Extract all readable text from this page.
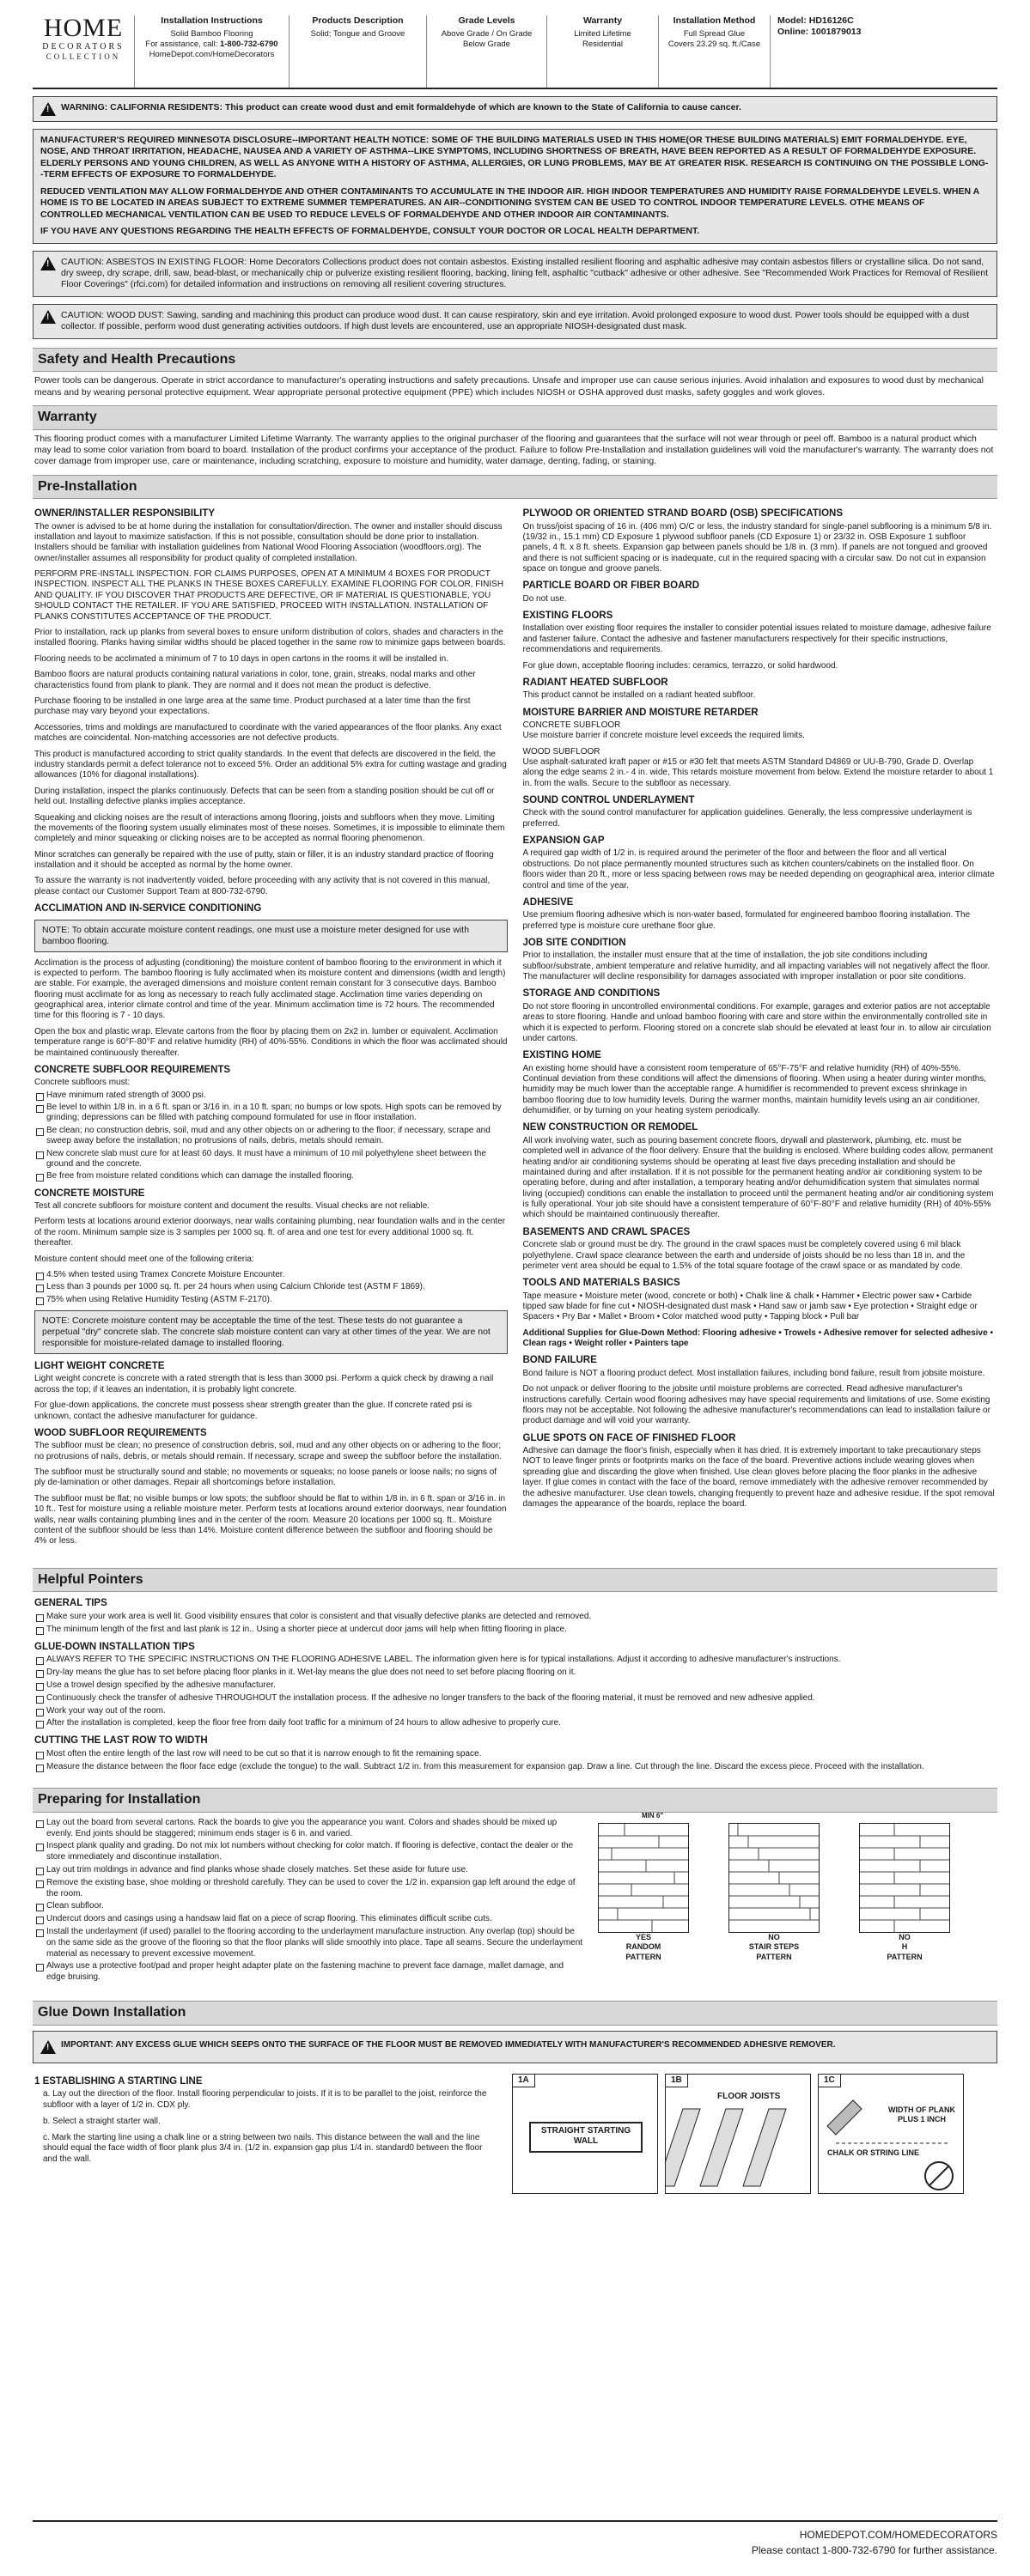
HOME
DECORATORS
COLLECTION
Installation Instructions
Solid Bamboo Flooring
For assistance, call: 1-800-732-6790
HomeDepot.com/HomeDecorators
Products Description
Solid; Tongue and Groove
Grade Levels
Above Grade / On Grade
Below Grade
Warranty
Limited Lifetime
Residential
Installation Method
Full Spread Glue
Covers 23.29 sq. ft./Case
Model: HD16126C
Online: 1001879013
!
WARNING: CALIFORNIA RESIDENTS: This product can create wood dust and emit formaldehyde of which are known to the State of California to cause cancer.

MANUFACTURER'S REQUIRED MINNESOTA DISCLOSURE--IMPORTANT HEALTH NOTICE: SOME OF THE BUILDING MATERIALS USED IN THIS HOME(OR THESE BUILDING MATERIALS) EMIT FORMALDEHYDE. EYE, NOSE, AND THROAT IRRITATION, HEADACHE, NAUSEA AND A VARIETY OF ASTHMA--LIKE SYMPTOMS, INCLUDING SHORTNESS OF BREATH, HAVE BEEN REPORTED AS A RESULT OF FORMALDEHYDE EXPOSURE. ELDERLY PERSONS AND YOUNG CHILDREN, AS WELL AS ANYONE WITH A HISTORY OF ASTHMA, ALLERGIES, OR LUNG PROBLEMS, MAY BE AT GREATER RISK. RESEARCH IS CONTINUING ON THE POSSIBLE LONG--TERM EFFECTS OF EXPOSURE TO FORMALDEHYDE.

REDUCED VENTILATION MAY ALLOW FORMALDEHYDE AND OTHER CONTAMINANTS TO ACCUMULATE IN THE INDOOR AIR. HIGH INDOOR TEMPERATURES AND HUMIDITY RAISE FORMALDEHYDE LEVELS. WHEN A HOME IS TO BE LOCATED IN AREAS SUBJECT TO EXTREME SUMMER TEMPERATURES. AN AIR--CONDITIONING SYSTEM CAN BE USED TO CONTROL INDOOR TEMPERATURE LEVELS. OTHE MEANS OF CONTROLLED MECHANICAL VENTILATION CAN BE USED TO REDUCE LEVELS OF FORMALDEHYDE AND OTHER INDOOR AIR CONTAMINANTS.

IF YOU HAVE ANY QUESTIONS REGARDING THE HEALTH EFFECTS OF FORMALDEHYDE, CONSULT YOUR DOCTOR OR LOCAL HEALTH DEPARTMENT.

!
CAUTION: ASBESTOS IN EXISTING FLOOR: Home Decorators Collections product does not contain asbestos. Existing installed resilient flooring and asphaltic adhesive may contain asbestos fillers or crystalline silica. Do not sand, dry sweep, dry scrape, drill, saw, bead-blast, or mechanically chip or pulverize existing resilient flooring, backing, lining felt, asphaltic "cutback" adhesive or other adhesive. See "Recommended Work Practices for Removal of Resilient Floor Coverings" (rfci.com) for detailed information and instructions on removing all resilient covering structures.
!
CAUTION: WOOD DUST: Sawing, sanding and machining this product can produce wood dust. It can cause respiratory, skin and eye irritation. Avoid prolonged exposure to wood dust. Power tools should be equipped with a dust collector. If possible, perform wood dust generating activities outdoors. If high dust levels are encountered, use an appropriate NIOSH-designated dust mask.
Safety and Health Precautions
Power tools can be dangerous. Operate in strict accordance to manufacturer's operating instructions and safety precautions. Unsafe and improper use can cause serious injuries. Avoid inhalation and exposures to wood dust by mechanical means and by wearing personal protective equipment. Wear appropriate personal protective equipment (PPE) which includes NIOSH or OSHA approved dust masks, safety goggles and work gloves.
Warranty
This flooring product comes with a manufacturer Limited Lifetime Warranty. The warranty applies to the original purchaser of the flooring and guarantees that the surface will not wear through or peel off. Bamboo is a natural product which may lead to some color variation from board to board. Installation of the product confirms your acceptance of the product. Failure to follow Pre-Installation and installation guidelines will void the manufacturer's warranty. The warranty does not cover damage from improper use, care or maintenance, including scratching, exposure to moisture and humidity, water damage, denting, fading, or staining.
Pre-Installation
OWNER/INSTALLER RESPONSIBILITY

The owner is advised to be at home during the installation for consultation/direction. The owner and installer should discuss installation and layout to maximize satisfaction. If this is not possible, consultation should be done prior to installation. Installers should be familiar with installation guidelines from National Wood Flooring Association (woodfloors.org). The owner/installer assumes all responsibility for product quality of completed installation.

PERFORM PRE-INSTALL INSPECTION. FOR CLAIMS PURPOSES, OPEN AT A MINIMUM 4 BOXES FOR PRODUCT INSPECTION. INSPECT ALL THE PLANKS IN THESE BOXES CAREFULLY. EXAMINE FLOORING FOR COLOR, FINISH AND QUALITY. IF YOU DISCOVER THAT PRODUCTS ARE DEFECTIVE, OR IF MATERIAL IS QUESTIONABLE, YOU SHOULD CONTACT THE RETAILER. IF YOU ARE SATISFIED, PROCEED WITH INSTALLATION. INSTALLATION OF PLANKS CONSTITUTES ACCEPTANCE OF THE PRODUCT.

Prior to installation, rack up planks from several boxes to ensure uniform distribution of colors, shades and characters in the installed flooring. Planks having similar widths should be placed together in the same row to minimize gaps between boards.

Flooring needs to be acclimated a minimum of 7 to 10 days in open cartons in the rooms it will be installed in.

Bamboo floors are natural products containing natural variations in color, tone, grain, streaks, nodal marks and other characteristics found from plank to plank. They are normal and it does not mean the product is defective.

Purchase flooring to be installed in one large area at the same time. Product purchased at a later time than the first purchase may vary beyond your expectations.

Accessories, trims and moldings are manufactured to coordinate with the varied appearances of the floor planks. Any exact matches are coincidental. Non-matching accessories are not defective products.

This product is manufactured according to strict quality standards. In the event that defects are discovered in the field, the industry standards permit a defect tolerance not to exceed 5%. Order an additional 5% extra for cutting wastage and grading allowances (10% for diagonal installations).

During installation, inspect the planks continuously. Defects that can be seen from a standing position should be cut off or held out. Installing defective planks implies acceptance.

Squeaking and clicking noises are the result of interactions among flooring, joists and subfloors when they move. Limiting the movements of the flooring system usually eliminates most of these noises. Sometimes, it is impossible to eliminate them completely and minor squeaking or clicking noises are to be accepted as normal flooring phenomenon.

Minor scratches can generally be repaired with the use of putty, stain or filler, it is an industry standard practice of flooring installation and it should be accepted as normal by the home owner.

To assure the warranty is not inadvertently voided, before proceeding with any activity that is not covered in this manual, please contact our Customer Support Team at 800-732-6790.

ACCLIMATION AND IN-SERVICE CONDITIONING
NOTE: To obtain accurate moisture content readings, one must use a moisture meter designed for use with bamboo flooring.

Acclimation is the process of adjusting (conditioning) the moisture content of bamboo flooring to the environment in which it is expected to perform. The bamboo flooring is fully acclimated when its moisture content and dimensions (width and length) are stable. For example, the averaged dimensions and moisture content remain constant for 3 consecutive days. Bamboo flooring must acclimate for as long as necessary to reach fully acclimated stage. Acclimation time varies depending on geographical area, interior climate control and time of the year. Minimum acclimation time is 72 hours. The recommended time for this flooring is 7 - 10 days.

Open the box and plastic wrap. Elevate cartons from the floor by placing them on 2x2 in. lumber or equivalent. Acclimation temperature range is 60°F-80°F and relative humidity (RH) of 40%-55%. Conditions in which the floor was acclimated should be maintained continuously thereafter.

CONCRETE SUBFLOOR REQUIREMENTS
Concrete subfloors must:
Have minimum rated strength of 3000 psi.
Be level to within 1/8 in. in a 6 ft. span or 3/16 in. in a 10 ft. span; no bumps or low spots. High spots can be removed by grinding; depressions can be filled with patching compound formulated for use in floor installation.
Be clean; no construction debris, soil, mud and any other objects on or adhering to the floor; if necessary, scrape and sweep away before the installation; no protrusions of nails, debris, metals should remain.
New concrete slab must cure for at least 60 days. It must have a minimum of 10 mil polyethylene sheet between the ground and the concrete.
Be free from moisture related conditions which can damage the installed flooring.
CONCRETE MOISTURE

Test all concrete subfloors for moisture content and document the results. Visual checks are not reliable.

Perform tests at locations around exterior doorways, near walls containing plumbing, near foundation walls and in the center of the room. Minimum sample size is 3 samples per 1000 sq. ft. of area and one test for every additional 1000 sq. ft. thereafter.

Moisture content should meet one of the following criteria:

4.5% when tested using Tramex Concrete Moisture Encounter.
Less than 3 pounds per 1000 sq. ft. per 24 hours when using Calcium Chloride test (ASTM F 1869).
75% when using Relative Humidity Testing (ASTM F-2170).
NOTE: Concrete moisture content may be acceptable the time of the test. These tests do not guarantee a perpetual "dry" concrete slab. The concrete slab moisture content can vary at other times of the year. We are not responsible for moisture-related damage to installed flooring.
LIGHT WEIGHT CONCRETE

Light weight concrete is concrete with a rated strength that is less than 3000 psi. Perform a quick check by drawing a nail across the top; if it leaves an indentation, it is probably light concrete.

For glue-down applications, the concrete must possess shear strength greater than the glue. If concrete rated psi is unknown, contact the adhesive manufacturer for guidance.

WOOD SUBFLOOR REQUIREMENTS

The subfloor must be clean; no presence of construction debris, soil, mud and any other objects on or adhering to the floor; no protrusions of nails, debris, or metals should remain. If necessary, scrape and sweep the subfloor before the installation.

The subfloor must be structurally sound and stable; no movements or squeaks; no loose panels or loose nails; no signs of ply de-lamination or other damages. Repair all shortcomings before installation.

The subfloor must be flat; no visible bumps or low spots; the subfloor should be flat to within 1/8 in. in 6 ft. span or 3/16 in. in 10 ft.. Test for moisture using a reliable moisture meter. Perform tests at locations around exterior doorways, near foundation walls, near walls containing plumbing lines and in the center of the room. Measure 20 locations per 1000 sq. ft.. Moisture content of the subfloor should be less than 14%. Moisture content difference between the subfloor and flooring should be 4% or less.

PLYWOOD OR ORIENTED STRAND BOARD (OSB) SPECIFICATIONS

On truss/joist spacing of 16 in. (406 mm) O/C or less, the industry standard for single-panel subflooring is a minimum 5/8 in. (19/32 in., 15.1 mm) CD Exposure 1 plywood subfloor panels (CD Exposure 1) or 23/32 in. OSB Exposure 1 subfloor panels, 4 ft. x 8 ft. sheets. Expansion gap between panels should be 1/8 in. (3 mm). If panels are not tongued and grooved and there is not sufficient spacing or is inadequate, cut in the required spacing with a circular saw. Do not cut in expansion space on tongue and groove panels.

PARTICLE BOARD OR FIBER BOARD

Do not use.

EXISTING FLOORS

Installation over existing floor requires the installer to consider potential issues related to moisture damage, adhesive failure and fastener failure. Contact the adhesive and fastener manufacturers respectively for their specific instructions, recommendations and requirements.

For glue down, acceptable flooring includes: ceramics, terrazzo, or solid hardwood.

RADIANT HEATED SUBFLOOR

This product cannot be installed on a radiant heated subfloor.

MOISTURE BARRIER AND MOISTURE RETARDER
CONCRETE SUBFLOOR

Use moisture barrier if concrete moisture level exceeds the required limits.

WOOD SUBFLOOR

Use asphalt-saturated kraft paper or #15 or #30 felt that meets ASTM Standard D4869 or UU-B-790, Grade D. Overlap along the edge seams 2 in.- 4 in. wide, This retards moisture movement from below. Extend the moisture retarder to about 1 in. from the walls. Secure to the subfloor as necessary.

SOUND CONTROL UNDERLAYMENT

Check with the sound control manufacturer for application guidelines. Generally, the less compressive underlayment is preferred.

EXPANSION GAP

A required gap width of 1/2 in. is required around the perimeter of the floor and between the floor and all vertical obstructions. Do not place permanently mounted structures such as kitchen counters/cabinets on the installed floor. On floors wider than 20 ft., more or less spacing between rows may be needed depending on geographical area, interior climate control and time of the year.

ADHESIVE

Use premium flooring adhesive which is non-water based, formulated for engineered bamboo flooring installation. The preferred type is moisture cure urethane floor glue.

JOB SITE CONDITION

Prior to installation, the installer must ensure that at the time of installation, the job site conditions including subfloor/substrate, ambient temperature and relative humidity, and all impacting variables will not negatively affect the floor. The manufacturer will decline responsibility for damages associated with improper installation or poor site conditions.

STORAGE AND CONDITIONS

Do not store flooring in uncontrolled environmental conditions. For example, garages and exterior patios are not acceptable areas to store flooring. Handle and unload bamboo flooring with care and store within the environmentally controlled site in which it is expected to perform. Flooring stored on a concrete slab should be elevated at least four in. to allow air circulation under cartons.

EXISTING HOME

An existing home should have a consistent room temperature of 65°F-75°F and relative humidity (RH) of 40%-55%. Continual deviation from these conditions will affect the dimensions of flooring. When using a heater during winter months, humidity may be much lower than the acceptable range. A humidifier is recommended to prevent excess shrinkage in bamboo flooring due to low humidity levels. During the warmer months, maintain humidity levels using an air conditioner, dehumidifier, or by turning on your heating system periodically.

NEW CONSTRUCTION OR REMODEL

All work involving water, such as pouring basement concrete floors, drywall and plasterwork, plumbing, etc. must be completed well in advance of the floor delivery. Ensure that the building is enclosed. Where building codes allow, permanent heating and/or air conditioning systems should be operating at least five days preceding installation and should be maintained during and after installation. If it is not possible for the permanent heating and/or air conditioning system to be operating before, during and after installation, a temporary heating and/or dehumidification system that simulates normal living (occupied) conditions can enable the installation to proceed until the permanent heating and/or air conditioning system is fully operational. Your job site should have a consistent temperature of 60°F-80°F and relative humidity (RH) of 40%-55% which should be maintained continuously thereafter.

BASEMENTS AND CRAWL SPACES

Concrete slab or ground must be dry. The ground in the crawl spaces must be completely covered using 6 mil black polyethylene. Crawl space clearance between the earth and underside of joists should be no less than 18 in. and the perimeter vent area should be equal to 1.5% of the total square footage of the crawl space or as mandated by code.

TOOLS AND MATERIALS BASICS

Tape measure • Moisture meter (wood, concrete or both) • Chalk line & chalk • Hammer • Electric power saw • Carbide tipped saw blade for fine cut • NIOSH-designated dust mask • Hand saw or jamb saw • Eye protection • Straight edge or Spacers • Pry Bar • Mallet • Broom • Color matched wood putty • Tapping block • Pull bar

Additional Supplies for Glue-Down Method: Flooring adhesive • Trowels • Adhesive remover for selected adhesive • Clean rags • Weight roller • Painters tape

BOND FAILURE

Bond failure is NOT a flooring product defect. Most installation failures, including bond failure, result from jobsite moisture.

Do not unpack or deliver flooring to the jobsite until moisture problems are corrected. Read adhesive manufacturer's instructions carefully. Certain wood flooring adhesives may have special requirements and limitations of use. Some existing floors may not be acceptable. Not following the adhesive manufacturer's recommendations can lead to installation failure or product damage and will void your warranty.

GLUE SPOTS ON FACE OF FINISHED FLOOR

Adhesive can damage the floor's finish, especially when it has dried. It is extremely important to take precautionary steps NOT to leave finger prints or footprints marks on the face of the board. Preventive actions include wearing gloves when spreading glue and discarding the glove when finished. Use clean gloves before placing the floor planks in the adhesive layer. If glue comes in contact with the face of the board, remove immediately with the adhesive remover recommended by the adhesive manufacturer. Use clean towels, changing frequently to prevent haze and adhesive residue. If the spot removal damages the appearance of the boards, replace the board.

Helpful Pointers
GENERAL TIPS
Make sure your work area is well lit. Good visibility ensures that color is consistent and that visually defective planks are detected and removed.
The minimum length of the first and last plank is 12 in.. Using a shorter piece at undercut door jams will help when fitting flooring in place.
GLUE-DOWN INSTALLATION TIPS
ALWAYS REFER TO THE SPECIFIC INSTRUCTIONS ON THE FLOORING ADHESIVE LABEL. The information given here is for typical installations. Adjust it according to adhesive manufacturer's instructions.
Dry-lay means the glue has to set before placing floor planks in it. Wet-lay means the glue does not need to set before placing flooring on it.
Use a trowel design specified by the adhesive manufacturer.
Continuously check the transfer of adhesive THROUGHOUT the installation process. If the adhesive no longer transfers to the back of the flooring material, it must be removed and new adhesive applied.
Work your way out of the room.
After the installation is completed, keep the floor free from daily foot traffic for a minimum of 24 hours to allow adhesive to properly cure.
CUTTING THE LAST ROW TO WIDTH
Most often the entire length of the last row will need to be cut so that it is narrow enough to fit the remaining space.
Measure the distance between the floor face edge (exclude the tongue) to the wall. Subtract 1/2 in. from this measurement for expansion gap. Draw a line. Cut through the line. Discard the excess piece. Proceed with the installation.
Preparing for Installation
Lay out the board from several cartons. Rack the boards to give you the appearance you want. Colors and shades should be mixed up evenly. End joints should be staggered; minimum ends stager is 6 in. and varied.
Inspect plank quality and grading. Do not mix lot numbers without checking for color match. If flooring is defective, contact the dealer or the store immediately and discontinue installation.
Lay out trim moldings in advance and find planks whose shade closely matches. Set these aside for future use.
Remove the existing base, shoe molding or threshold carefully. They can be used to cover the 1/2 in. expansion gap left around the edge of the room.
Clean subfloor.
Undercut doors and casings using a handsaw laid flat on a piece of scrap flooring. This eliminates difficult scribe cuts.
Install the underlayment (if used) parallel to the flooring according to the underlayment manufacture instruction. Any overlap (top) should be on the same side as the groove of the flooring so that the floor planks will slide smoothly into place. Tape all seams. Secure the underlayment material as necessary to prevent excessive movement.
Always use a protective foot/pad and proper height adapter plate on the fastening machine to prevent face damage, mallet damage, and edge bruising.
MIN 6"
YES
RANDOM
PATTERN
NO
STAIR STEPS
PATTERN
NO
H
PATTERN
Glue Down Installation
!
IMPORTANT: ANY EXCESS GLUE WHICH SEEPS ONTO THE SURFACE OF THE FLOOR MUST BE REMOVED IMMEDIATELY WITH MANUFACTURER'S RECOMMENDED ADHESIVE REMOVER.
1 ESTABLISHING A STARTING LINE

a. Lay out the direction of the floor. Install flooring perpendicular to joists. If it is to be parallel to the joist, reinforce the subfloor with a layer of 1/2 in. CDX ply.

b. Select a straight starter wall.

c. Mark the starting line using a chalk line or a string between two nails. This distance between the wall and the line should equal the face width of floor plank plus 3/4 in. (1/2 in. expansion gap plus 1/4 in. standard0 between the floor and the wall.

1A
STRAIGHT STARTING WALL
1B
FLOOR JOISTS
1C
WIDTH OF PLANK PLUS 1 INCH
CHALK OR STRING LINE
HOMEDEPOT.COM/HOMEDECORATORS
Please contact 1-800-732-6790 for further assistance.
